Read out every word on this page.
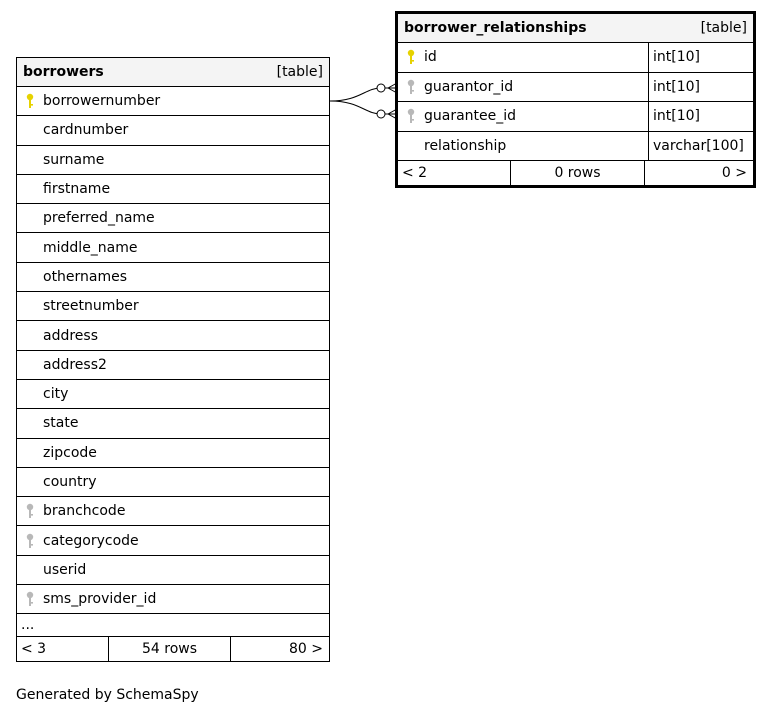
borrowers	[table]
borrowernumber
cardnumber
surname
firstname
preferred_name
middle_name
othernames
streetnumber
address
address2
city
state
zipcode
country
branchcode
categorycode
userid
sms_provider_id
...
< 3	54 rows	80 >
borrower_relationships	[table]
id	int[10]
guarantor_id	int[10]
guarantee_id	int[10]
relationship	varchar[100]
< 2	0 rows	0 >
Generated by SchemaSpy
